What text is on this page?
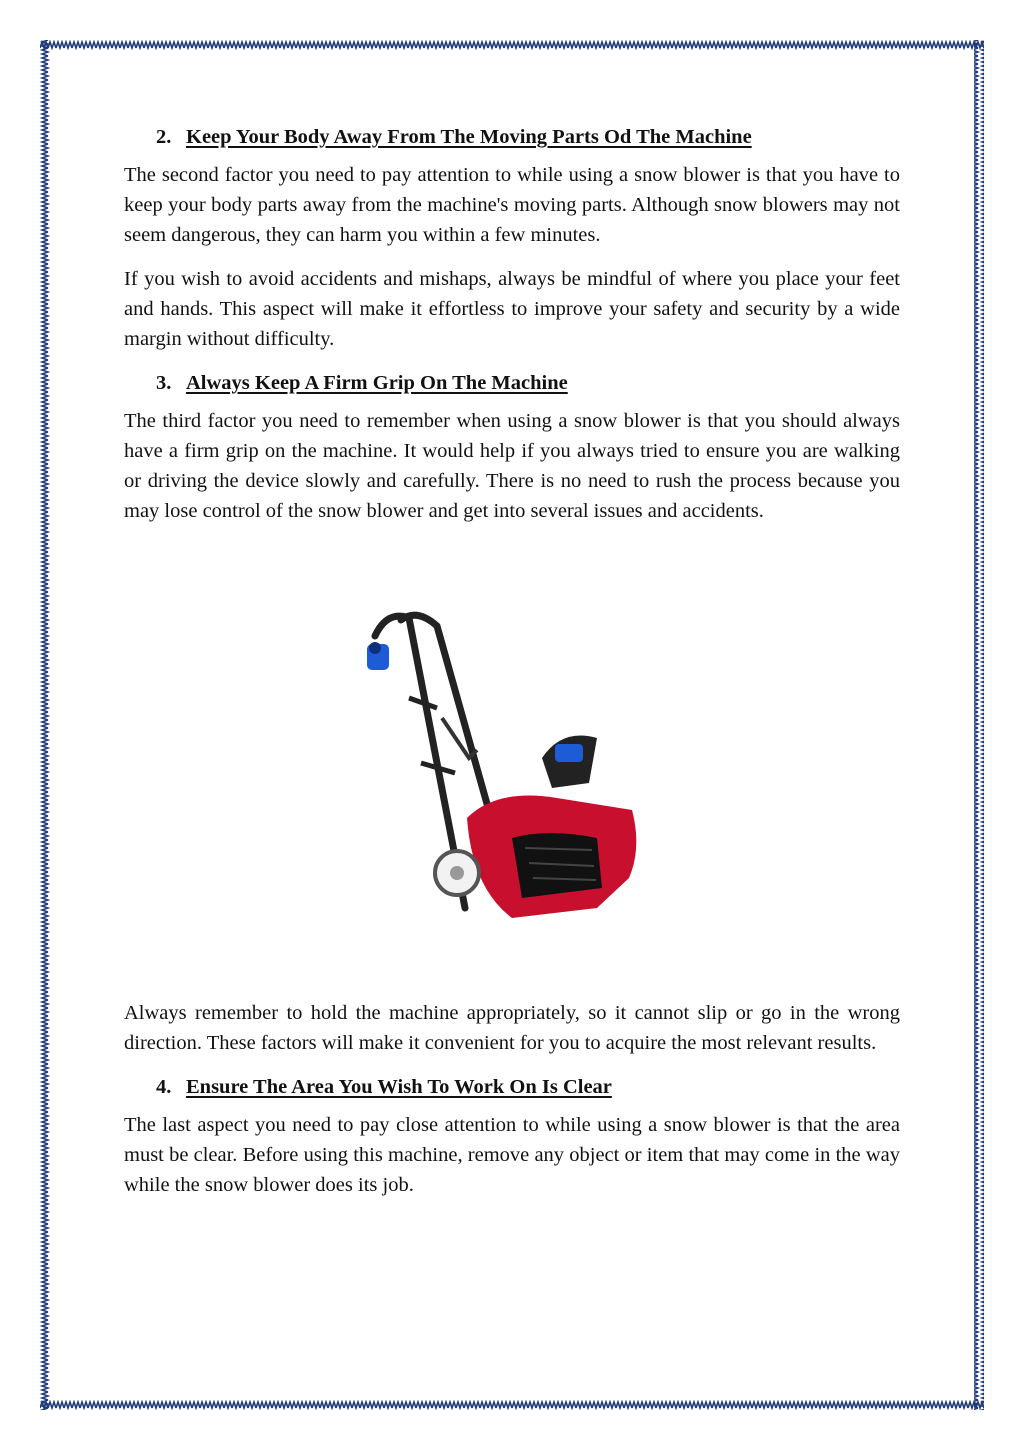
2. Keep Your Body Away From The Moving Parts Od The Machine

The second factor you need to pay attention to while using a snow blower is that you have to keep your body parts away from the machine's moving parts. Although snow blowers may not seem dangerous, they can harm you within a few minutes.

If you wish to avoid accidents and mishaps, always be mindful of where you place your feet and hands. This aspect will make it effortless to improve your safety and security by a wide margin without difficulty.

3. Always Keep A Firm Grip On The Machine

The third factor you need to remember when using a snow blower is that you should always have a firm grip on the machine. It would help if you always tried to ensure you are walking or driving the device slowly and carefully. There is no need to rush the process because you may lose control of the snow blower and get into several issues and accidents.

Always remember to hold the machine appropriately, so it cannot slip or go in the wrong direction. These factors will make it convenient for you to acquire the most relevant results.

4. Ensure The Area You Wish To Work On Is Clear

The last aspect you need to pay close attention to while using a snow blower is that the area must be clear. Before using this machine, remove any object or item that may come in the way while the snow blower does its job.
